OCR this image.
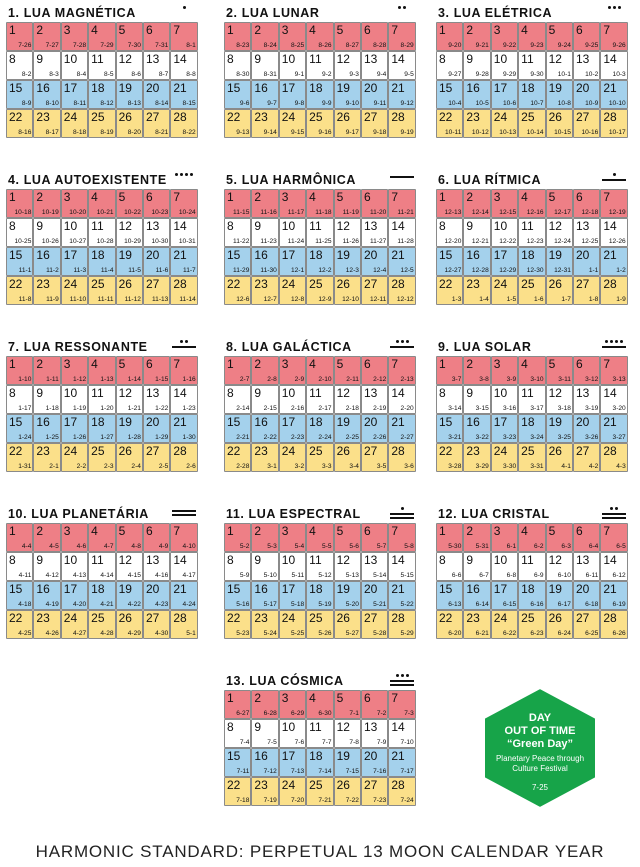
1. LUA MAGNÉTICA
1
7-26
2
7-27
3
7-28
4
7-29
5
7-30
6
7-31
7
8-1
8
8-2
9
8-3
10
8-4
11
8-5
12
8-6
13
8-7
14
8-8
15
8-9
16
8-10
17
8-11
18
8-12
19
8-13
20
8-14
21
8-15
22
8-16
23
8-17
24
8-18
25
8-19
26
8-20
27
8-21
28
8-22
2. LUA LUNAR
1
8-23
2
8-24
3
8-25
4
8-26
5
8-27
6
8-28
7
8-29
8
8-30
9
8-31
10
9-1
11
9-2
12
9-3
13
9-4
14
9-5
15
9-6
16
9-7
17
9-8
18
9-9
19
9-10
20
9-11
21
9-12
22
9-13
23
9-14
24
9-15
25
9-16
26
9-17
27
9-18
28
9-19
3. LUA ELÉTRICA
1
9-20
2
9-21
3
9-22
4
9-23
5
9-24
6
9-25
7
9-26
8
9-27
9
9-28
10
9-29
11
9-30
12
10-1
13
10-2
14
10-3
15
10-4
16
10-5
17
10-6
18
10-7
19
10-8
20
10-9
21
10-10
22
10-11
23
10-12
24
10-13
25
10-14
26
10-15
27
10-16
28
10-17
4. LUA AUTOEXISTENTE
1
10-18
2
10-19
3
10-20
4
10-21
5
10-22
6
10-23
7
10-24
8
10-25
9
10-26
10
10-27
11
10-28
12
10-29
13
10-30
14
10-31
15
11-1
16
11-2
17
11-3
18
11-4
19
11-5
20
11-6
21
11-7
22
11-8
23
11-9
24
11-10
25
11-11
26
11-12
27
11-13
28
11-14
5. LUA HARMÔNICA
1
11-15
2
11-16
3
11-17
4
11-18
5
11-19
6
11-20
7
11-21
8
11-22
9
11-23
10
11-24
11
11-25
12
11-26
13
11-27
14
11-28
15
11-29
16
11-30
17
12-1
18
12-2
19
12-3
20
12-4
21
12-5
22
12-6
23
12-7
24
12-8
25
12-9
26
12-10
27
12-11
28
12-12
6. LUA RÍTMICA
1
12-13
2
12-14
3
12-15
4
12-16
5
12-17
6
12-18
7
12-19
8
12-20
9
12-21
10
12-22
11
12-23
12
12-24
13
12-25
14
12-26
15
12-27
16
12-28
17
12-29
18
12-30
19
12-31
20
1-1
21
1-2
22
1-3
23
1-4
24
1-5
25
1-6
26
1-7
27
1-8
28
1-9
7. LUA RESSONANTE
1
1-10
2
1-11
3
1-12
4
1-13
5
1-14
6
1-15
7
1-16
8
1-17
9
1-18
10
1-19
11
1-20
12
1-21
13
1-22
14
1-23
15
1-24
16
1-25
17
1-26
18
1-27
19
1-28
20
1-29
21
1-30
22
1-31
23
2-1
24
2-2
25
2-3
26
2-4
27
2-5
28
2-6
8. LUA GALÁCTICA
1
2-7
2
2-8
3
2-9
4
2-10
5
2-11
6
2-12
7
2-13
8
2-14
9
2-15
10
2-16
11
2-17
12
2-18
13
2-19
14
2-20
15
2-21
16
2-22
17
2-23
18
2-24
19
2-25
20
2-26
21
2-27
22
2-28
23
3-1
24
3-2
25
3-3
26
3-4
27
3-5
28
3-6
9. LUA SOLAR
1
3-7
2
3-8
3
3-9
4
3-10
5
3-11
6
3-12
7
3-13
8
3-14
9
3-15
10
3-16
11
3-17
12
3-18
13
3-19
14
3-20
15
3-21
16
3-22
17
3-23
18
3-24
19
3-25
20
3-26
21
3-27
22
3-28
23
3-29
24
3-30
25
3-31
26
4-1
27
4-2
28
4-3
10. LUA PLANETÁRIA
1
4-4
2
4-5
3
4-6
4
4-7
5
4-8
6
4-9
7
4-10
8
4-11
9
4-12
10
4-13
11
4-14
12
4-15
13
4-16
14
4-17
15
4-18
16
4-19
17
4-20
18
4-21
19
4-22
20
4-23
21
4-24
22
4-25
23
4-26
24
4-27
25
4-28
26
4-29
27
4-30
28
5-1
11. LUA ESPECTRAL
1
5-2
2
5-3
3
5-4
4
5-5
5
5-6
6
5-7
7
5-8
8
5-9
9
5-10
10
5-11
11
5-12
12
5-13
13
5-14
14
5-15
15
5-16
16
5-17
17
5-18
18
5-19
19
5-20
20
5-21
21
5-22
22
5-23
23
5-24
24
5-25
25
5-26
26
5-27
27
5-28
28
5-29
12. LUA CRISTAL
1
5-30
2
5-31
3
6-1
4
6-2
5
6-3
6
6-4
7
6-5
8
6-6
9
6-7
10
6-8
11
6-9
12
6-10
13
6-11
14
6-12
15
6-13
16
6-14
17
6-15
18
6-16
19
6-17
20
6-18
21
6-19
22
6-20
23
6-21
24
6-22
25
6-23
26
6-24
27
6-25
28
6-26
13. LUA CÓSMICA
1
6-27
2
6-28
3
6-29
4
6-30
5
7-1
6
7-2
7
7-3
8
7-4
9
7-5
10
7-6
11
7-7
12
7-8
13
7-9
14
7-10
15
7-11
16
7-12
17
7-13
18
7-14
19
7-15
20
7-16
21
7-17
22
7-18
23
7-19
24
7-20
25
7-21
26
7-22
27
7-23
28
7-24
DAY
OUT OF TIME
“Green Day”
Planetary Peace through
Culture Festival
7-25
HARMONIC STANDARD: PERPETUAL 13 MOON CALENDAR YEAR
